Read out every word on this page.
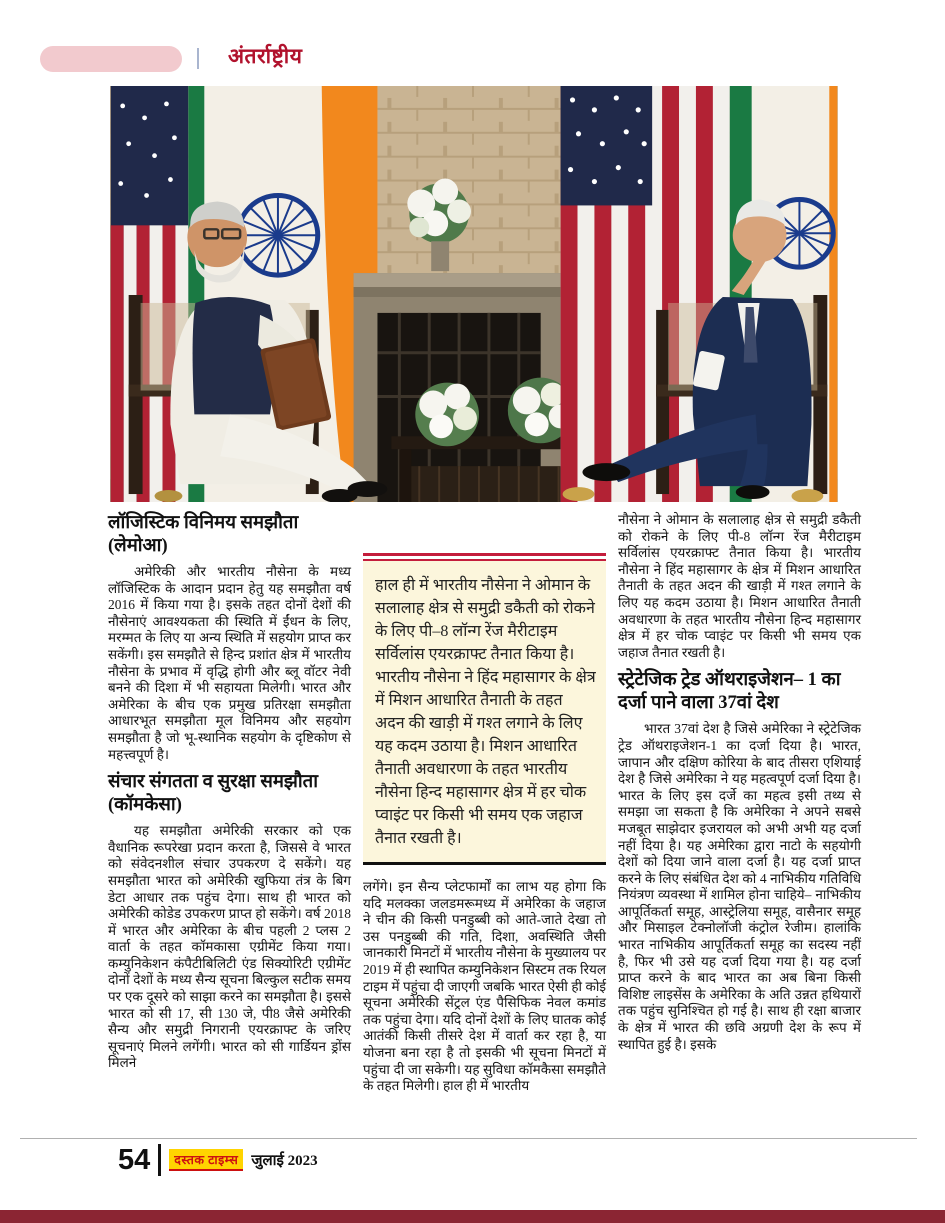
अंतर्राष्ट्रीय
लॉजिस्टिक विनिमय समझौता (लेमोआ)

अमेरिकी और भारतीय नौसेना के मध्य लॉजिस्टिक के आदान प्रदान हेतु यह समझौता वर्ष 2016 में किया गया है। इसके तहत दोनों देशों की नौसेनाएं आवश्यकता की स्थिति में ईंधन के लिए, मरम्मत के लिए या अन्य स्थिति में सहयोग प्राप्त कर सकेंगी। इस समझौते से हिन्द प्रशांत क्षेत्र में भारतीय नौसेना के प्रभाव में वृद्धि होगी और ब्लू वॉटर नेवी बनने की दिशा में भी सहायता मिलेगी। भारत और अमेरिका के बीच एक प्रमुख प्रतिरक्षा समझौता आधारभूत समझौता मूल विनिमय और सहयोग समझौता है जो भू-स्थानिक सहयोग के दृष्टिकोण से महत्त्वपूर्ण है।

संचार संगतता व सुरक्षा समझौता (कॉमकेसा)

यह समझौता अमेरिकी सरकार को एक वैधानिक रूपरेखा प्रदान करता है, जिससे वे भारत को संवेदनशील संचार उपकरण दे सकेंगे। यह समझौता भारत को अमेरिकी खुफिया तंत्र के बिग डेटा आधार तक पहुंच देगा। साथ ही भारत को अमेरिकी कोडेड उपकरण प्राप्त हो सकेंगे। वर्ष 2018 में भारत और अमेरिका के बीच पहली 2 प्लस 2 वार्ता के तहत कॉमकासा एग्रीमेंट किया गया। कम्युनिकेशन कंपैटीबिलिटी एंड सिक्योरिटी एग्रीमेंट दोनों देशों के मध्य सैन्य सूचना बिल्कुल सटीक समय पर एक दूसरे को साझा करने का समझौता है। इससे भारत को सी 17, सी 130 जे, पी8 जैसे अमेरिकी सैन्य और समुद्री निगरानी एयरक्राफ्ट के जरिए सूचनाएं मिलने लगेंगी। भारत को सी गार्डियन ड्रोंस मिलने

हाल ही में भारतीय नौसेना ने ओमान के सलालाह क्षेत्र से समुद्री डकैती को रोकने के लिए पी–8 लॉन्ग रेंज मैरीटाइम सर्विलांस एयरक्राफ्ट तैनात किया है। भारतीय नौसेना ने हिंद महासागर के क्षेत्र में मिशन आधारित तैनाती के तहत अदन की खाड़ी में गश्त लगाने के लिए यह कदम उठाया है। मिशन आधारित तैनाती अवधारणा के तहत भारतीय नौसेना हिन्द महासागर क्षेत्र में हर चोक प्वाइंट पर किसी भी समय एक जहाज तैनात रखती है।

लगेंगे। इन सैन्य प्लेटफार्मों का लाभ यह होगा कि यदि मलक्का जलडमरूमध्य में अमेरिका के जहाज ने चीन की किसी पनडुब्बी को आते-जाते देखा तो उस पनडुब्बी की गति, दिशा, अवस्थिति जैसी जानकारी मिनटों में भारतीय नौसेना के मुख्यालय पर 2019 में ही स्थापित कम्युनिकेशन सिस्टम तक रियल टाइम में पहुंचा दी जाएगी जबकि भारत ऐसी ही कोई सूचना अमेरिकी सेंट्रल एंड पैसिफिक नेवल कमांड तक पहुंचा देगा। यदि दोनों देशों के लिए घातक कोई आतंकी किसी तीसरे देश में वार्ता कर रहा है, या योजना बना रहा है तो इसकी भी सूचना मिनटों में पहुंचा दी जा सकेगी। यह सुविधा कॉमकैसा समझौते के तहत मिलेगी। हाल ही में भारतीय

नौसेना ने ओमान के सलालाह क्षेत्र से समुद्री डकैती को रोकने के लिए पी-8 लॉन्ग रेंज मैरीटाइम सर्विलांस एयरक्राफ्ट तैनात किया है। भारतीय नौसेना ने हिंद महासागर के क्षेत्र में मिशन आधारित तैनाती के तहत अदन की खाड़ी में गश्त लगाने के लिए यह कदम उठाया है। मिशन आधारित तैनाती अवधारणा के तहत भारतीय नौसेना हिन्द महासागर क्षेत्र में हर चोक प्वाइंट पर किसी भी समय एक जहाज तैनात रखती है।

स्ट्रेटेजिक ट्रेड ऑथराइजेशन– 1 का दर्जा पाने वाला 37वां देश

भारत 37वां देश है जिसे अमेरिका ने स्ट्रेटेजिक ट्रेड ऑथराइजेशन-1 का दर्जा दिया है। भारत, जापान और दक्षिण कोरिया के बाद तीसरा एशियाई देश है जिसे अमेरिका ने यह महत्वपूर्ण दर्जा दिया है। भारत के लिए इस दर्जे का महत्व इसी तथ्य से समझा जा सकता है कि अमेरिका ने अपने सबसे मजबूत साझेदार इजरायल को अभी अभी यह दर्जा नहीं दिया है। यह अमेरिका द्वारा नाटो के सहयोगी देशों को दिया जाने वाला दर्जा है। यह दर्जा प्राप्त करने के लिए संबंधित देश को 4 नाभिकीय गतिविधि नियंत्रण व्यवस्था में शामिल होना चाहिये– नाभिकीय आपूर्तिकर्ता समूह, आस्ट्रेलिया समूह, वासैनार समूह और मिसाइल टेक्नोलॉजी कंट्रोल रेजीम। हालांकि भारत नाभिकीय आपूर्तिकर्ता समूह का सदस्य नहीं है, फिर भी उसे यह दर्जा दिया गया है। यह दर्जा प्राप्त करने के बाद भारत का अब बिना किसी विशिष्ट लाइसेंस के अमेरिका के अति उन्नत हथियारों तक पहुंच सुनिश्चित हो गई है। साथ ही रक्षा बाजार के क्षेत्र में भारत की छवि अग्रणी देश के रूप में स्थापित हुई है। इसके

54	दस्तक टाइम्स जुलाई 2023
